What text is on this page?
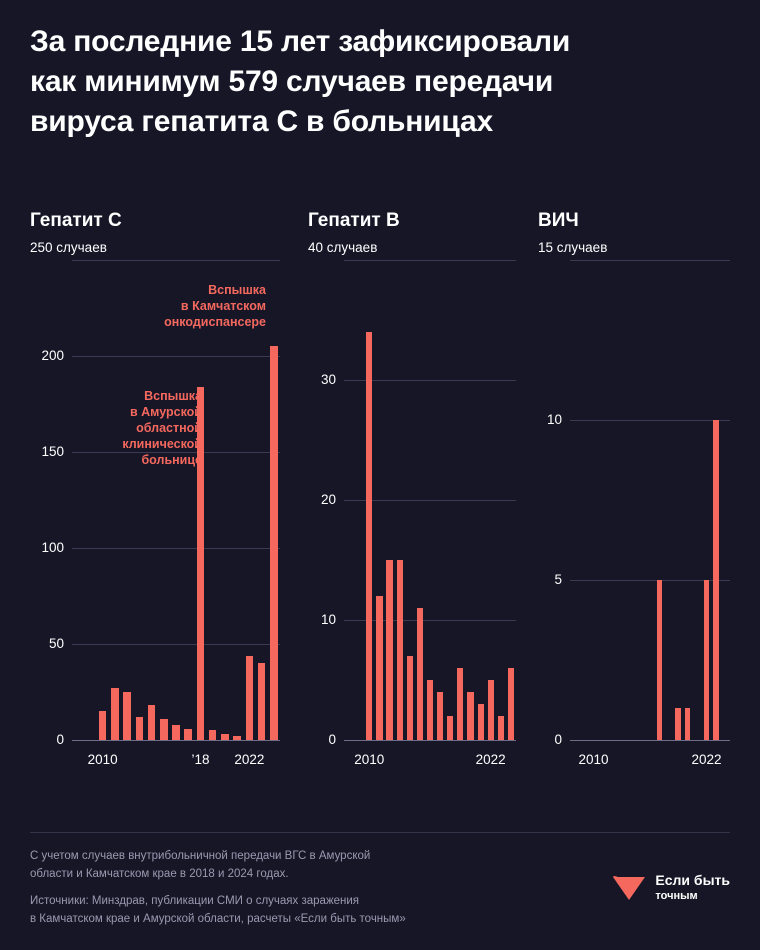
За последние 15 лет зафиксировали
как минимум 579 случаев передачи
вируса гепатита С в больницах
Гепатит С
0
50
100
150
200
250 случаев
2010	’18	2022
Вспышка
в Камчатском
онкодиспансере
Вспышка
в Амурской
областной
клинической
больнице
Гепатит B
0
10
20
30
40 случаев
2010	2022
ВИЧ
0
5
10
15 случаев
2010	2022
С учетом случаев внутрибольничной передачи ВГС в Амурской
области и Камчатском крае в 2018 и 2024 годах.
Источники: Минздрав, публикации СМИ о случаях заражения
в Камчатском крае и Амурской области, расчеты «Если быть точным»
Если быть
точным
